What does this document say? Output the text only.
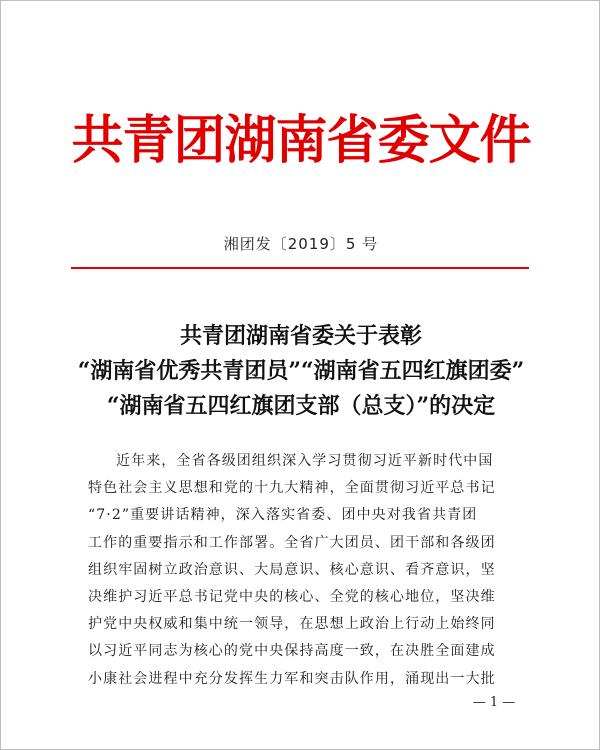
共青团湖南省委文件
湘团发〔2019〕5 号
共青团湖南省委关于表彰
“湖南省优秀共青团员”“湖南省五四红旗团委”
“湖南省五四红旗团支部（总支）”的决定
近年来，全省各级团组织深入学习贯彻习近平新时代中国
特色社会主义思想和党的十九大精神，全面贯彻习近平总书记
“7·2”重要讲话精神，深入落实省委、团中央对我省共青团
工作的重要指示和工作部署。全省广大团员、团干部和各级团
组织牢固树立政治意识、大局意识、核心意识、看齐意识，坚
决维护习近平总书记党中央的核心、全党的核心地位，坚决维
护党中央权威和集中统一领导，在思想上政治上行动上始终同
以习近平同志为核心的党中央保持高度一致，在决胜全面建成
小康社会进程中充分发挥生力军和突击队作用，涌现出一大批
— 1 —
